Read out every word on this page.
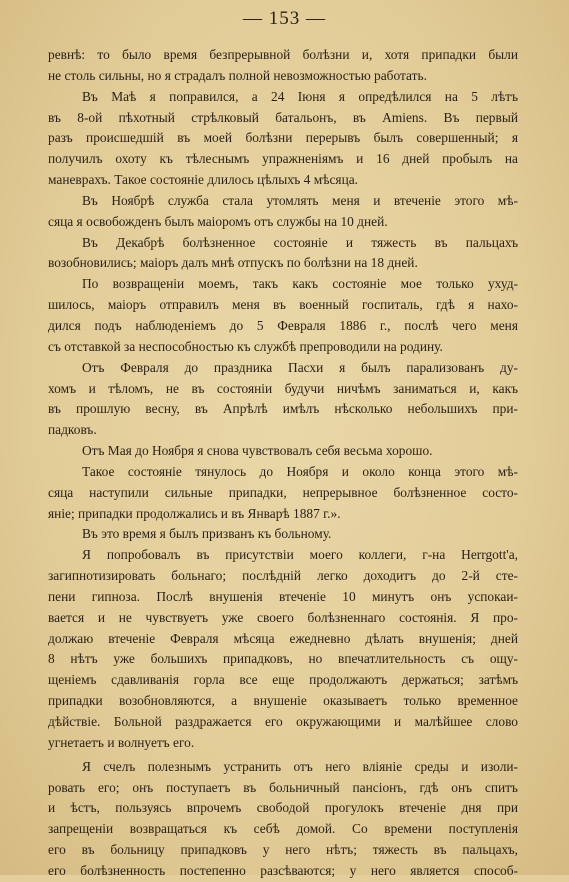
— 153 —
ревнѣ: то было время безпрерывной болѣзни и, хотя припадки были
не столь сильны, но я страдалъ полной невозможностью работать.
Въ Маѣ я поправился, а 24 Іюня я опредѣлился на 5 лѣтъ
въ 8-ой пѣхотный стрѣлковый батальонъ, въ Amiens. Въ первый
разъ происшедшій въ моей болѣзни перерывъ былъ совершенный; я
получилъ охоту къ тѣлеснымъ упражненіямъ и 16 дней пробылъ на
маневрахъ. Такое состояніе длилось цѣлыхъ 4 мѣсяца.
Въ Ноябрѣ служба стала утомлять меня и втеченіе этого мѣ-
сяца я освобожденъ былъ маіоромъ отъ службы на 10 дней.
Въ Декабрѣ болѣзненное состояніе и тяжесть въ пальцахъ
возобновились; маіоръ далъ мнѣ отпускъ по болѣзни на 18 дней.
По возвращеніи моемъ, такъ какъ состояніе мое только ухуд-
шилось, маіоръ отправилъ меня въ военный госпиталь, гдѣ я нахо-
дился подъ наблюденіемъ до 5 Февраля 1886 г., послѣ чего меня
съ отставкой за неспособностью къ службѣ препроводили на родину.
Отъ Февраля до праздника Пасхи я былъ парализованъ ду-
хомъ и тѣломъ, не въ состояніи будучи ничѣмъ заниматься и, какъ
въ прошлую весну, въ Апрѣлѣ имѣлъ нѣсколько небольшихъ при-
падковъ.
Отъ Мая до Ноября я снова чувствовалъ себя весьма хорошо.
Такое состояніе тянулось до Ноября и около конца этого мѣ-
сяца наступили сильные припадки, непрерывное болѣзненное состо-
яніе; припадки продолжались и въ Январѣ 1887 г.».
Въ это время я былъ призванъ къ больному.
Я попробовалъ въ присутствіи моего коллеги, г-на Herrgott'a,
загипнотизировать больнаго; послѣдній легко доходитъ до 2-й сте-
пени гипноза. Послѣ внушенія втеченіе 10 минутъ онъ успокаи-
вается и не чувствуетъ уже своего болѣзненнаго состоянія. Я про-
должаю втеченіе Февраля мѣсяца ежедневно дѣлать внушенія; дней
8 нѣтъ уже большихъ припадковъ, но впечатлительность съ ощу-
щеніемъ сдавливанія горла все еще продолжаютъ держаться; затѣмъ
припадки возобновляются, а внушеніе оказываетъ только временное
дѣйствіе. Больной раздражается его окружающими и малѣйшее слово
угнетаетъ и волнуетъ его.
Я счелъ полезнымъ устранить отъ него вліяніе среды и изоли-
ровать его; онъ поступаетъ въ больничный пансіонъ, гдѣ онъ спитъ
и ѣстъ, пользуясь впрочемъ свободой прогулокъ втеченіе дня при
запрещеніи возвращаться къ себѣ домой. Со времени поступленія
его въ больницу припадковъ у него нѣтъ; тяжесть въ пальцахъ,
его болѣзненность постепенно разсѣваются; у него является способ-
